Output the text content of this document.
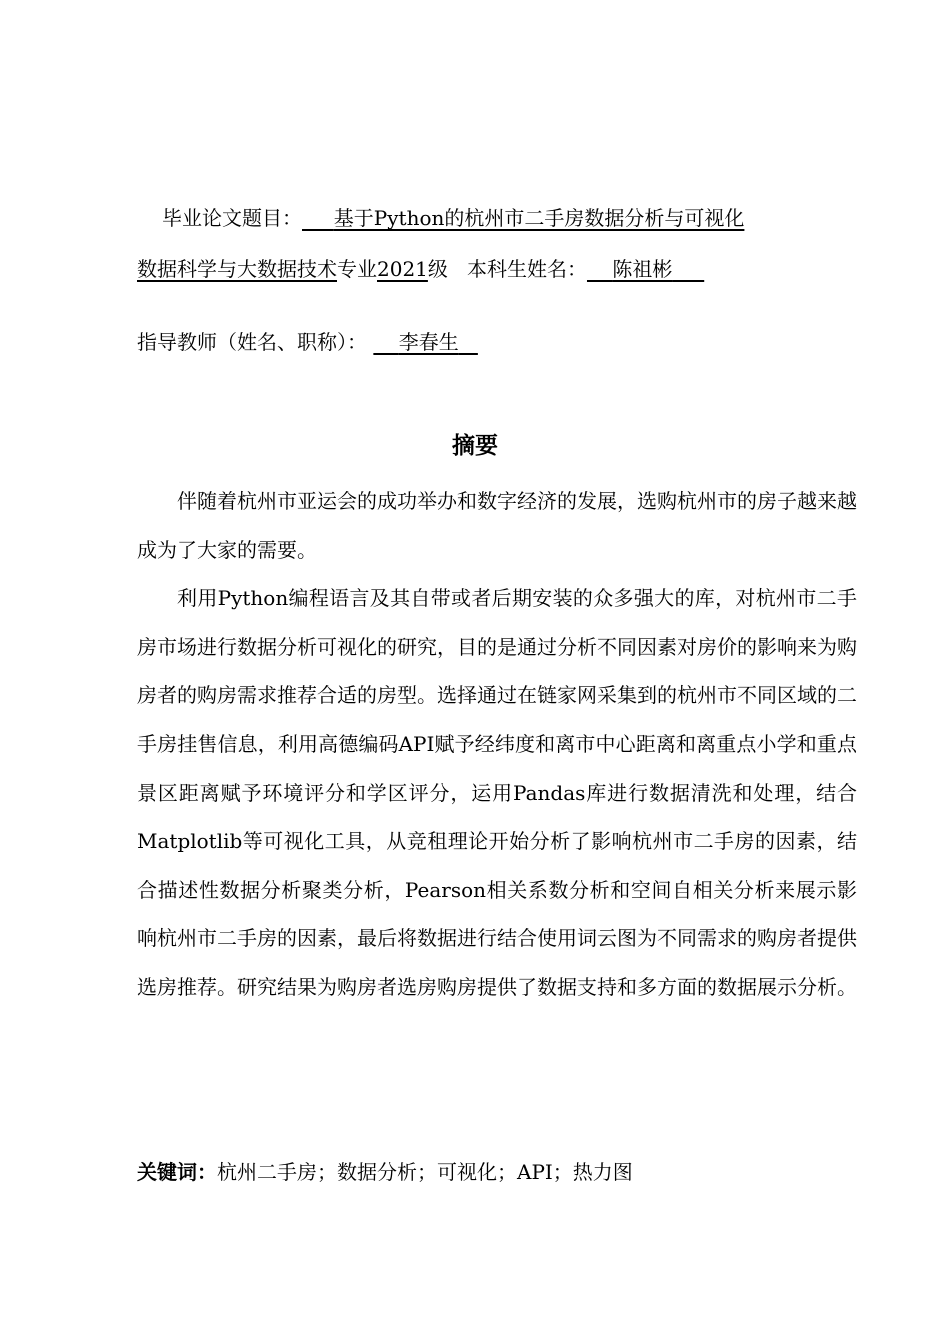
毕业论文题目： 基于Python的杭州市二手房数据分析与可视化
数据科学与大数据技术专业2021级 本科生姓名： 陈祖彬
指导教师（姓名、职称）： 李春生
摘要

伴随着杭州市亚运会的成功举办和数字经济的发展，选购杭州市的房子越来越成为了大家的需要。

利用Python编程语言及其自带或者后期安装的众多强大的库，对杭州市二手房市场进行数据分析可视化的研究，目的是通过分析不同因素对房价的影响来为购房者的购房需求推荐合适的房型。选择通过在链家网采集到的杭州市不同区域的二手房挂售信息，利用高德编码API赋予经纬度和离市中心距离和离重点小学和重点景区距离赋予环境评分和学区评分，运用Pandas库进行数据清洗和处理，结合Matplotlib等可视化工具，从竞租理论开始分析了影响杭州市二手房的因素，结合描述性数据分析聚类分析，Pearson相关系数分析和空间自相关分析来展示影响杭州市二手房的因素，最后将数据进行结合使用词云图为不同需求的购房者提供选房推荐。研究结果为购房者选房购房提供了数据支持和多方面的数据展示分析。

关键词：杭州二手房；数据分析；可视化；API；热力图
